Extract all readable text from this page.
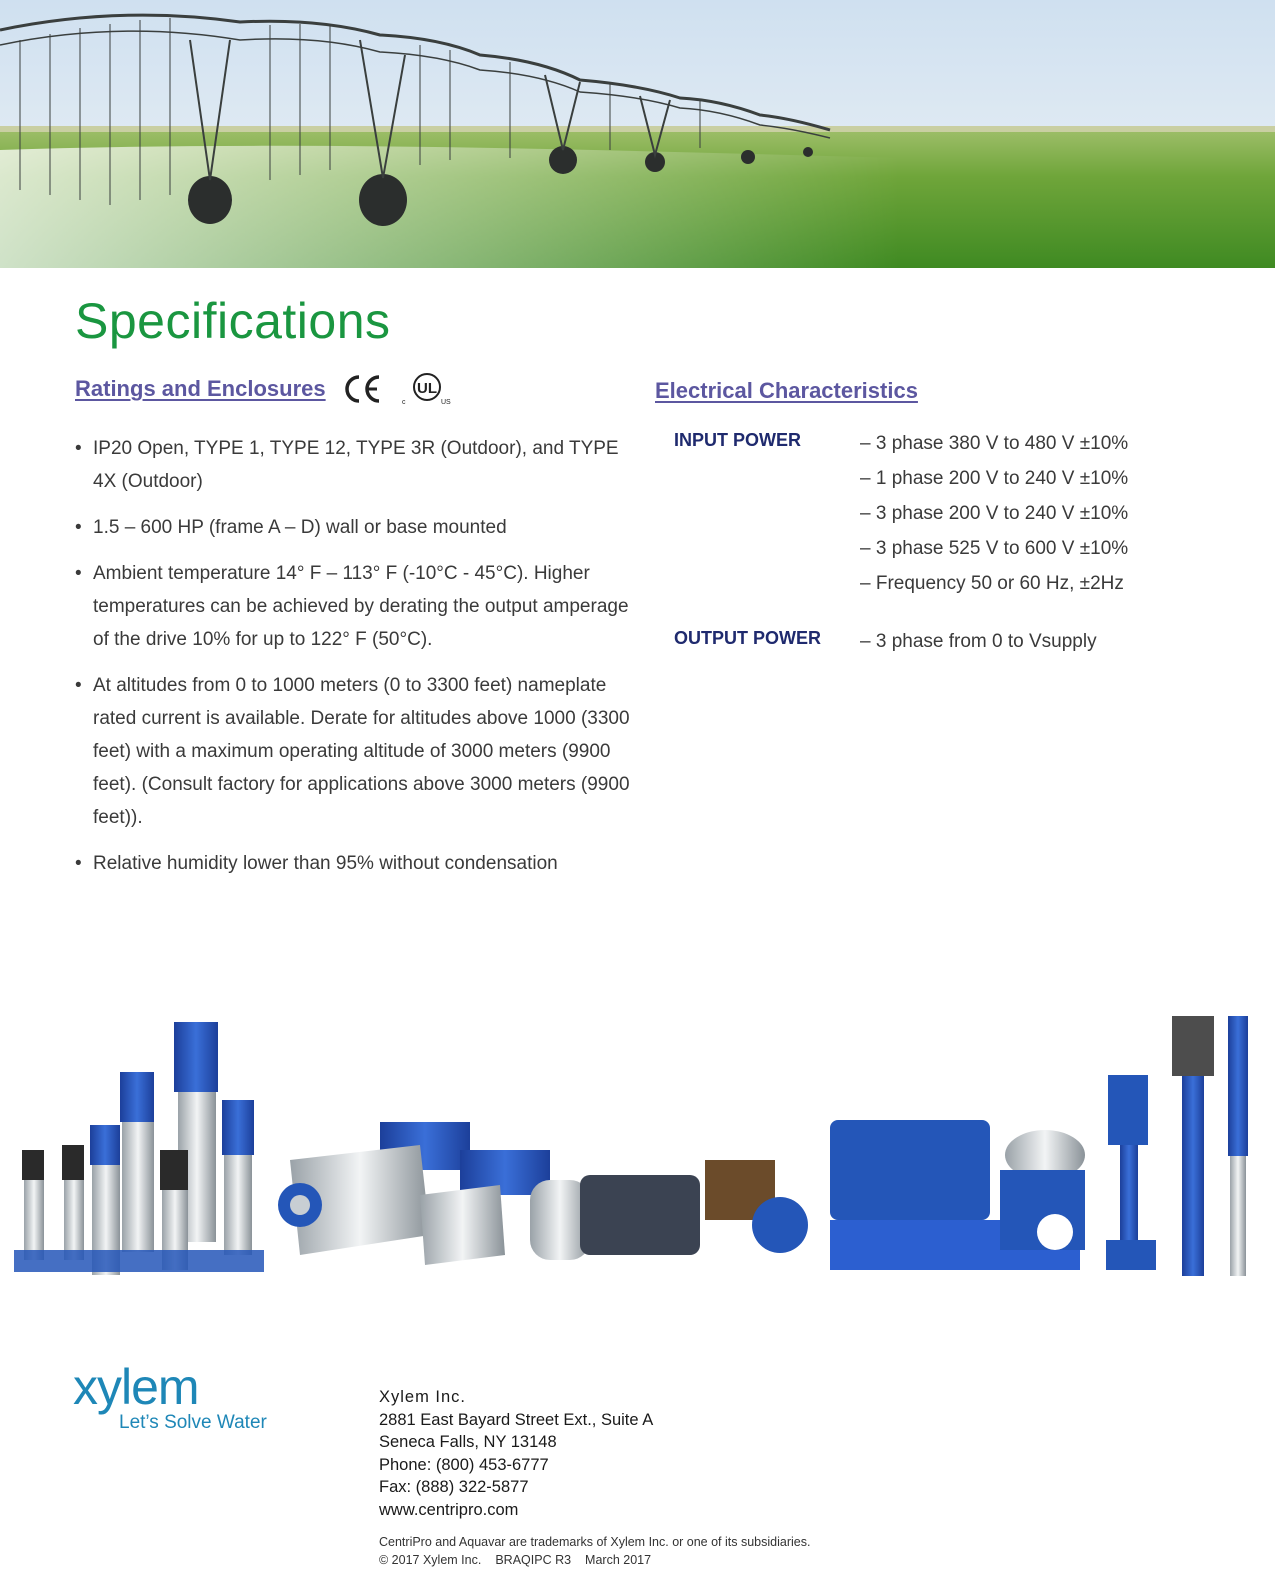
Specifications
Ratings and Enclosures	UL
c	US
• IP20 Open, TYPE 1, TYPE 12, TYPE 3R (Outdoor), and TYPE 4X (Outdoor)
• 1.5 – 600 HP (frame A – D) wall or base mounted
• Ambient temperature 14° F – 113° F (-10°C - 45°C). Higher temperatures can be achieved by derating the output amperage of the drive 10% for up to 122° F (50°C).
• At altitudes from 0 to 1000 meters (0 to 3300 feet) nameplate rated current is available. Derate for altitudes above 1000 (3300 feet) with a maximum operating altitude of 3000 meters (9900 feet). (Consult factory for applications above 3000 meters (9900 feet)).
• Relative humidity lower than 95% without condensation
Electrical Characteristics
INPUT POWER	– 3 phase 380 V to 480 V ±10%
– 1 phase 200 V to 240 V ±10%
– 3 phase 200 V to 240 V ±10%
– 3 phase 525 V to 600 V ±10%
– Frequency 50 or 60 Hz, ±2Hz
OUTPUT POWER – 3 phase from 0 to Vsupply
xylem
Let’s Solve Water
Xylem Inc.
2881 East Bayard Street Ext., Suite A
Seneca Falls, NY 13148
Phone: (800) 453-6777
Fax: (888) 322-5877
www.centripro.com
CentriPro and Aquavar are trademarks of Xylem Inc. or one of its subsidiaries.
© 2017 Xylem Inc. BRAQIPC R3 March 2017
